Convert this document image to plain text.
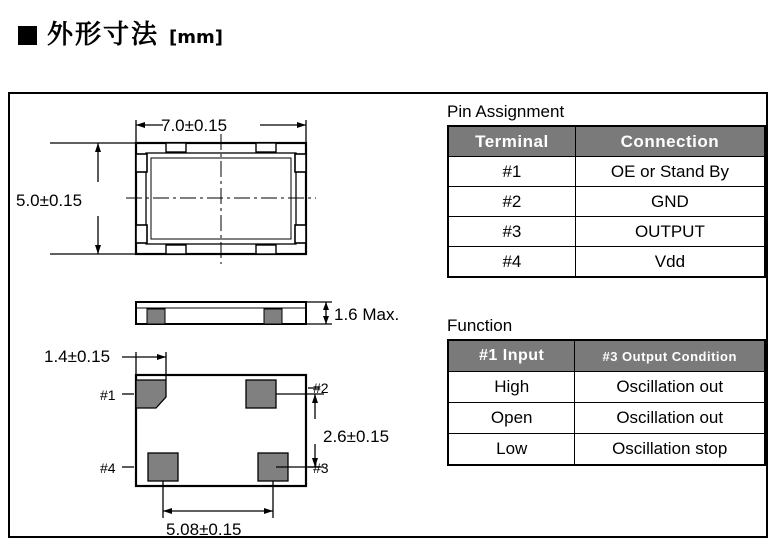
外形寸法 [mm]
7.0±0.15
5.0±0.15
1.6 Max.
1.4±0.15
2.6±0.15
5.08±0.15
#1	#2
#4	#3
Pin Assignment
Terminal	Connection
#1	OE or Stand By
#2	GND
#3	OUTPUT
#4	Vdd
Function
#1 Input	#3 Output Condition
High	Oscillation out
Open	Oscillation out
Low	Oscillation stop
